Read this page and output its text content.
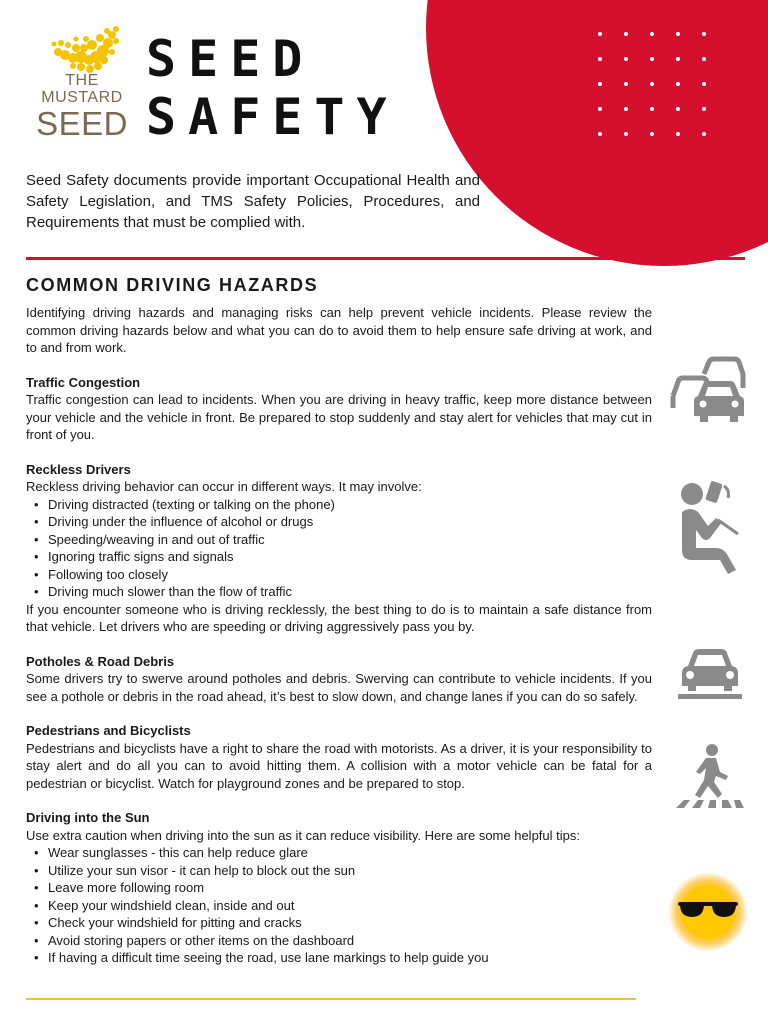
THE
MUSTARD
SEED
SEED
SAFETY
Seed Safety documents provide important Occupational Health and Safety Legislation, and TMS Safety Policies, Procedures, and Requirements that must be complied with.
COMMON DRIVING HAZARDS

Identifying driving hazards and managing risks can help prevent vehicle incidents. Please review the common driving hazards below and what you can do to avoid them to help ensure safe driving at work, and to and from work.

Traffic Congestion

Traffic congestion can lead to incidents. When you are driving in heavy traffic, keep more distance between your vehicle and the vehicle in front. Be prepared to stop suddenly and stay alert for vehicles that may cut in front of you.

Reckless Drivers

Reckless driving behavior can occur in different ways. It may involve:

• Driving distracted (texting or talking on the phone)
• Driving under the influence of alcohol or drugs
• Speeding/weaving in and out of traffic
• Ignoring traffic signs and signals
• Following too closely
• Driving much slower than the flow of traffic

If you encounter someone who is driving recklessly, the best thing to do is to maintain a safe distance from that vehicle. Let drivers who are speeding or driving aggressively pass you by.

Potholes & Road Debris

Some drivers try to swerve around potholes and debris. Swerving can contribute to vehicle incidents. If you see a pothole or debris in the road ahead, it’s best to slow down, and change lanes if you can do so safely.

Pedestrians and Bicyclists

Pedestrians and bicyclists have a right to share the road with motorists. As a driver, it is your responsibility to stay alert and do all you can to avoid hitting them. A collision with a motor vehicle can be fatal for a pedestrian or bicyclist. Watch for playground zones and be prepared to stop.

Driving into the Sun

Use extra caution when driving into the sun as it can reduce visibility. Here are some helpful tips:

• Wear sunglasses - this can help reduce glare
• Utilize your sun visor - it can help to block out the sun
• Leave more following room
• Keep your windshield clean, inside and out
• Check your windshield for pitting and cracks
• Avoid storing papers or other items on the dashboard
• If having a difficult time seeing the road, use lane markings to help guide you
